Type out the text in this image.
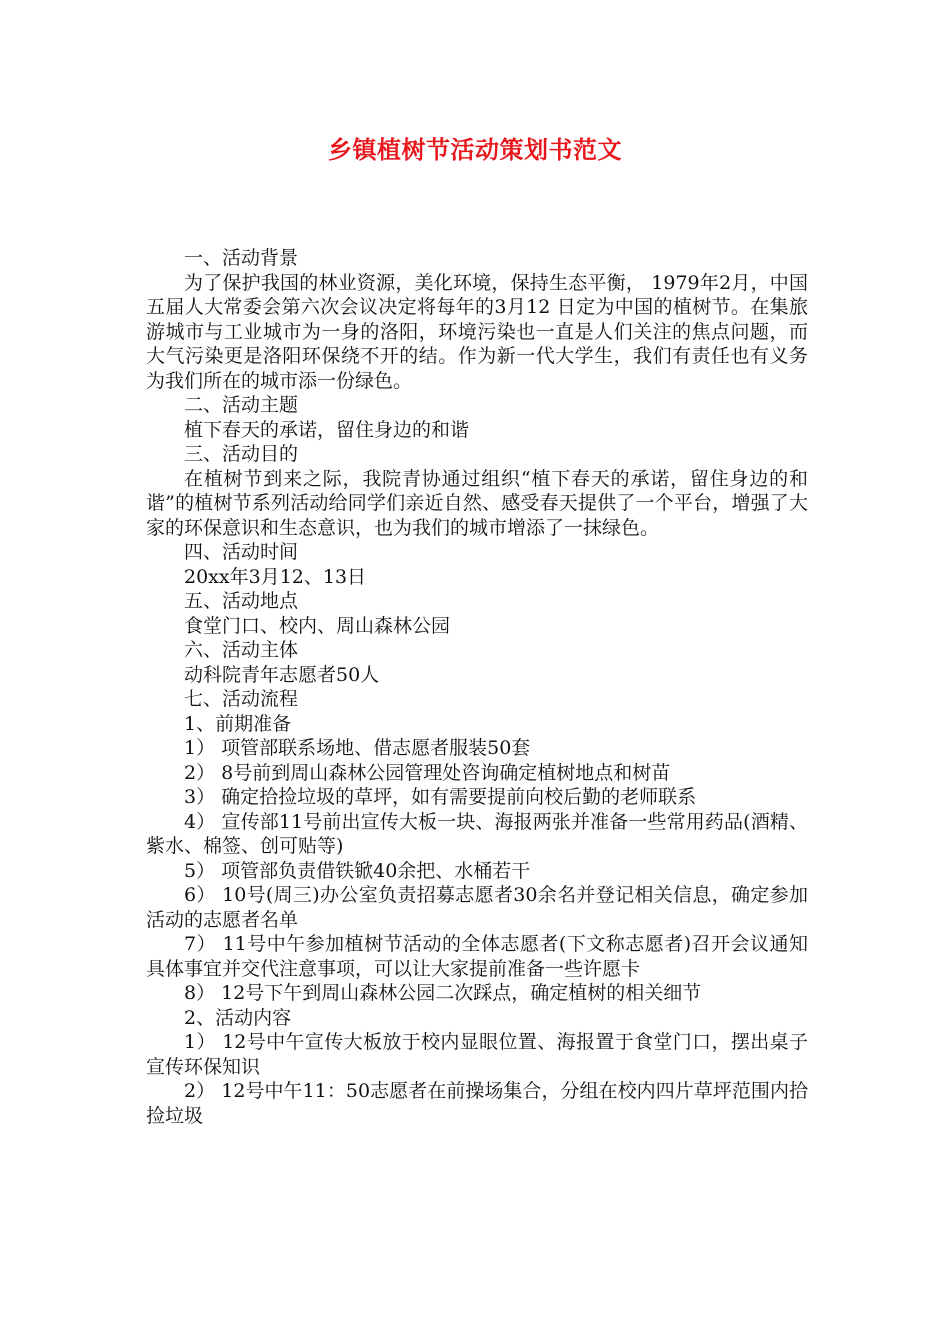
乡镇植树节活动策划书范文

一、活动背景

为了保护我国的林业资源，美化环境，保持生态平衡， 1979年2月，中国五届人大常委会第六次会议决定将每年的3月12 日定为中国的植树节。在集旅游城市与工业城市为一身的洛阳，环境污染也一直是人们关注的焦点问题，而大气污染更是洛阳环保绕不开的结。作为新一代大学生，我们有责任也有义务为我们所在的城市添一份绿色。

二、活动主题

植下春天的承诺，留住身边的和谐

三、活动目的

在植树节到来之际，我院青协通过组织“植下春天的承诺，留住身边的和谐”的植树节系列活动给同学们亲近自然、感受春天提供了一个平台，增强了大家的环保意识和生态意识，也为我们的城市增添了一抹绿色。

四、活动时间

20xx年3月12、13日

五、活动地点

食堂门口、校内、周山森林公园

六、活动主体

动科院青年志愿者50人

七、活动流程

1、前期准备

1） 项管部联系场地、借志愿者服装50套

2） 8号前到周山森林公园管理处咨询确定植树地点和树苗

3） 确定拾捡垃圾的草坪，如有需要提前向校后勤的老师联系

4） 宣传部11号前出宣传大板一块、海报两张并准备一些常用药品(酒精、紫水、棉签、创可贴等)

5） 项管部负责借铁锨40余把、水桶若干

6） 10号(周三)办公室负责招募志愿者30余名并登记相关信息，确定参加活动的志愿者名单

7） 11号中午参加植树节活动的全体志愿者(下文称志愿者)召开会议通知具体事宜并交代注意事项，可以让大家提前准备一些许愿卡

8） 12号下午到周山森林公园二次踩点，确定植树的相关细节

2、活动内容

1） 12号中午宣传大板放于校内显眼位置、海报置于食堂门口，摆出桌子宣传环保知识

2） 12号中午11：50志愿者在前操场集合，分组在校内四片草坪范围内拾捡垃圾
